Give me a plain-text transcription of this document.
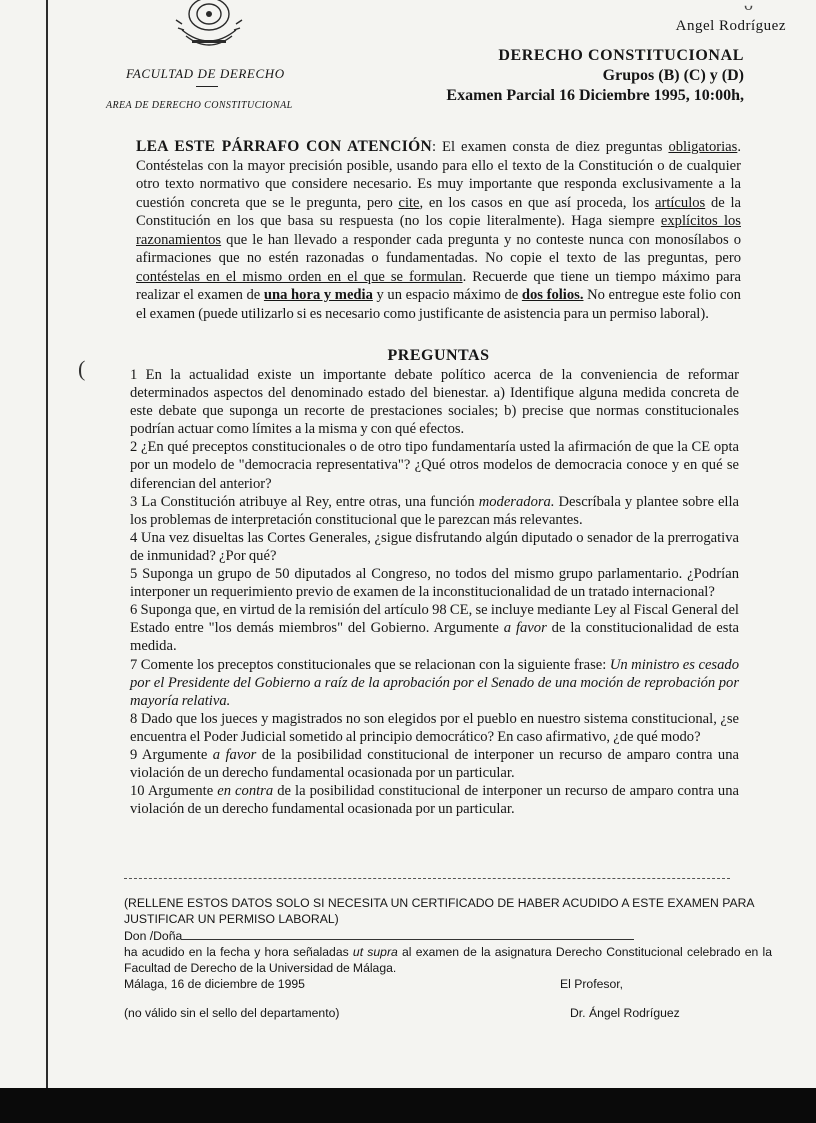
ᴗ
Angel Rodríguez
FACULTAD DE DERECHO
AREA DE DERECHO CONSTITUCIONAL
DERECHO CONSTITUCIONAL
Grupos (B) (C) y (D)
Examen Parcial 16 Diciembre 1995, 10:00h,
LEA ESTE PÁRRAFO CON ATENCIÓN: El examen consta de diez preguntas obligatorias. Contéstelas con la mayor precisión posible, usando para ello el texto de la Constitución o de cualquier otro texto normativo que considere necesario. Es muy importante que responda exclusivamente a la cuestión concreta que se le pregunta, pero cite, en los casos en que así proceda, los artículos de la Constitución en los que basa su respuesta (no los copie literalmente). Haga siempre explícitos los razonamientos que le han llevado a responder cada pregunta y no conteste nunca con monosílabos o afirmaciones que no estén razonadas o fundamentadas. No copie el texto de las preguntas, pero contéstelas en el mismo orden en el que se formulan. Recuerde que tiene un tiempo máximo para realizar el examen de una hora y media y un espacio máximo de dos folios. No entregue este folio con el examen (puede utilizarlo si es necesario como justificante de asistencia para un permiso laboral).
PREGUNTAS
(	1 En la actualidad existe un importante debate político acerca de la conveniencia de reformar determinados aspectos del denominado estado del bienestar. a) Identifique alguna medida concreta de este debate que suponga un recorte de prestaciones sociales; b) precise que normas constitucionales podrían actuar como límites a la misma y con qué efectos.

2 ¿En qué preceptos constitucionales o de otro tipo fundamentaría usted la afirmación de que la CE opta por un modelo de "democracia representativa"? ¿Qué otros modelos de democracia conoce y en qué se diferencian del anterior?

3 La Constitución atribuye al Rey, entre otras, una función moderadora. Descríbala y plantee sobre ella los problemas de interpretación constitucional que le parezcan más relevantes.

4 Una vez disueltas las Cortes Generales, ¿sigue disfrutando algún diputado o senador de la prerrogativa de inmunidad? ¿Por qué?

5 Suponga un grupo de 50 diputados al Congreso, no todos del mismo grupo parlamentario. ¿Podrían interponer un requerimiento previo de examen de la inconstitucionalidad de un tratado internacional?

6 Suponga que, en virtud de la remisión del artículo 98 CE, se incluye mediante Ley al Fiscal General del Estado entre "los demás miembros" del Gobierno. Argumente a favor de la constitucionalidad de esta medida.

7 Comente los preceptos constitucionales que se relacionan con la siguiente frase: Un ministro es cesado por el Presidente del Gobierno a raíz de la aprobación por el Senado de una moción de reprobación por mayoría relativa.

8 Dado que los jueces y magistrados no son elegidos por el pueblo en nuestro sistema constitucional, ¿se encuentra el Poder Judicial sometido al principio democrático? En caso afirmativo, ¿de qué modo?

9 Argumente a favor de la posibilidad constitucional de interponer un recurso de amparo contra una violación de un derecho fundamental ocasionada por un particular.

10 Argumente en contra de la posibilidad constitucional de interponer un recurso de amparo contra una violación de un derecho fundamental ocasionada por un particular.

(RELLENE ESTOS DATOS SOLO SI NECESITA UN CERTIFICADO DE HABER ACUDIDO A ESTE EXAMEN PARA JUSTIFICAR UN PERMISO LABORAL)

Don /Doña

ha acudido en la fecha y hora señaladas ut supra al examen de la asignatura Derecho Constitucional celebrado en la Facultad de Derecho de la Universidad de Málaga.

Málaga, 16 de diciembre de 1995	El Profesor,
(no válido sin el sello del departamento)	Dr. Ángel Rodríguez
